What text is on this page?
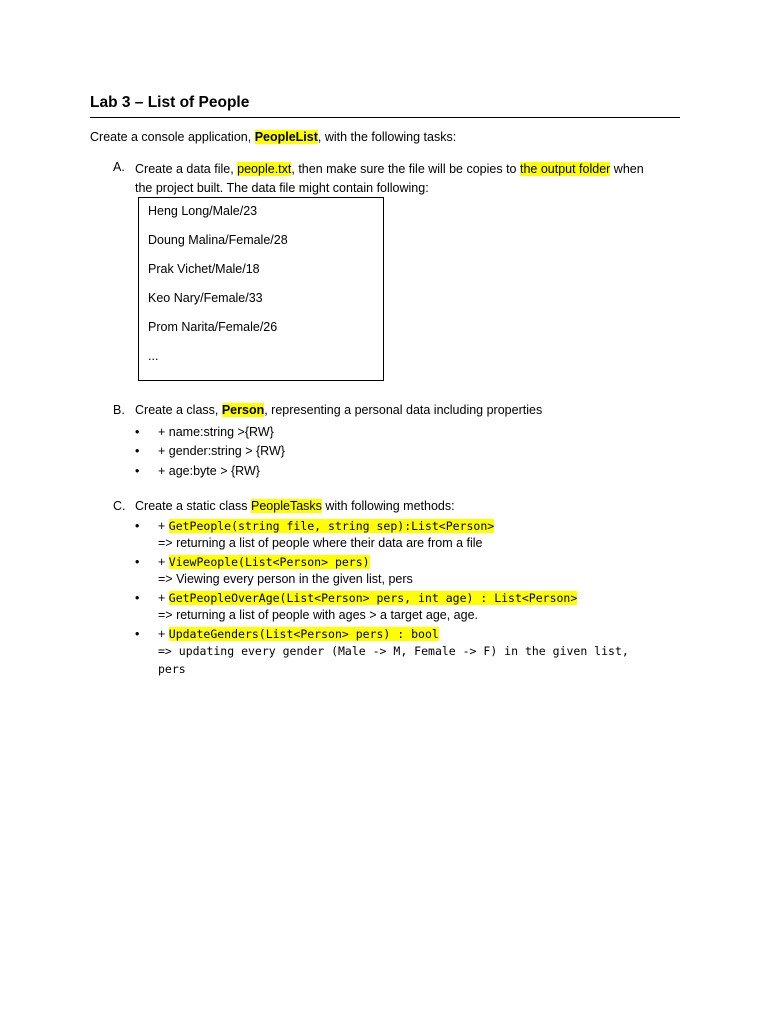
Lab 3 – List of People
Create a console application, PeopleList, with the following tasks:
A. Create a data file, people.txt, then make sure the file will be copies to the output folder when
the project built. The data file might contain following:
Heng Long/Male/23
Doung Malina/Female/28
Prak Vichet/Male/18
Keo Nary/Female/33
Prom Narita/Female/26
...
B. Create a class, Person, representing a personal data including properties
• + name:string >{RW}
• + gender:string > {RW}
• + age:byte > {RW}
C. Create a static class PeopleTasks with following methods:
• + GetPeople(string file, string sep):List<Person>
=> returning a list of people where their data are from a file
• + ViewPeople(List<Person> pers)
=> Viewing every person in the given list, pers
• + GetPeopleOverAge(List<Person> pers, int age) : List<Person>
=> returning a list of people with ages > a target age, age.
• + UpdateGenders(List<Person> pers) : bool
=> updating every gender (Male -> M, Female -> F) in the given list,
pers
